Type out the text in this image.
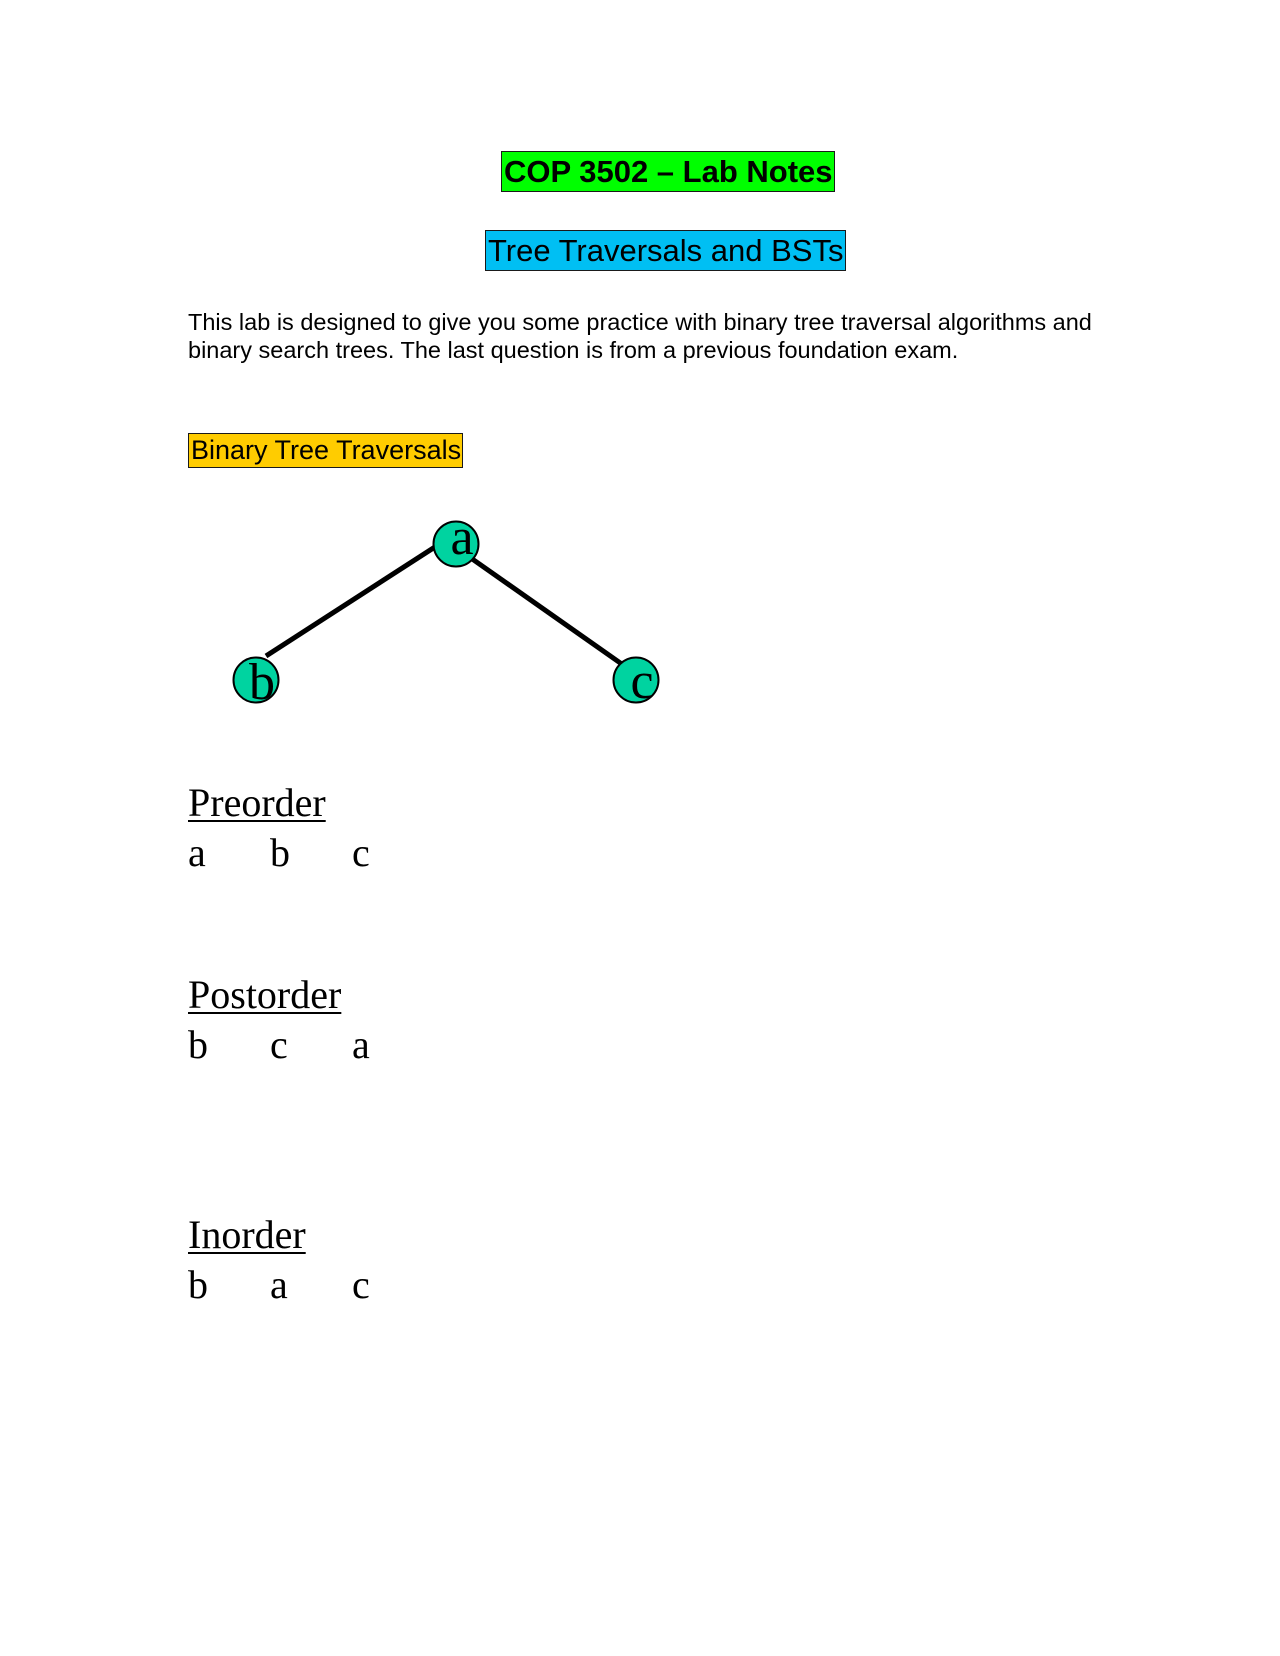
COP 3502 – Lab Notes
Tree Traversals and BSTs
This lab is designed to give you some practice with binary tree traversal algorithms and
binary search trees. The last question is from a previous foundation exam.
Binary Tree Traversals
a
b	c
Preorder
a b c
Postorder
b c a
Inorder
b a c
